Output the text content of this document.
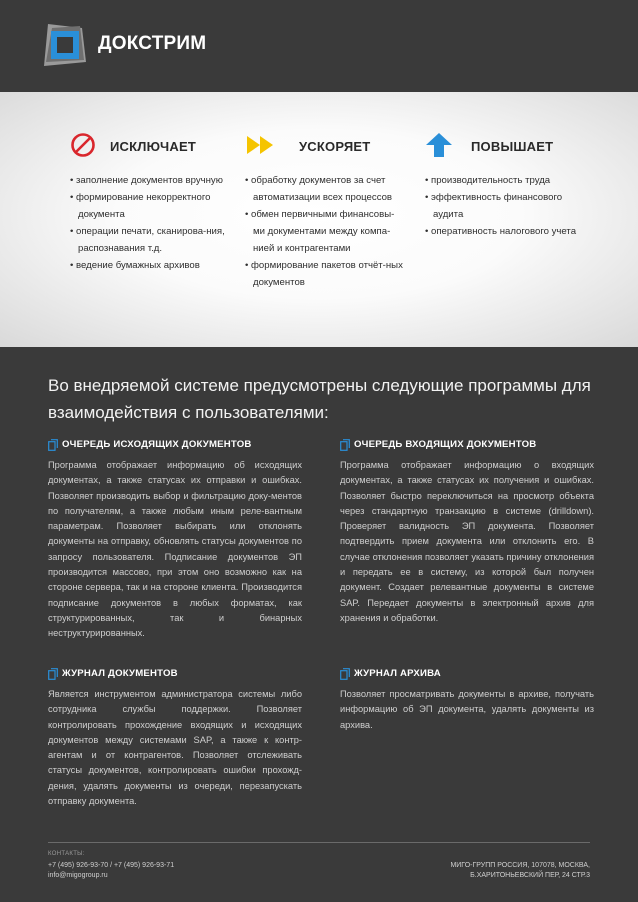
ДОКСТРИМ
ИСКЛЮЧАЕТ
• заполнение документов вручную
• формирование некорректного документа
• операции печати, сканирова-ния, распознавания т.д.
• ведение бумажных архивов
УСКОРЯЕТ
• обработку документов за счет автоматизации всех процессов
• обмен первичными финансовы-ми документами между компа-нией и контрагентами
• формирование пакетов отчёт-ных документов
ПОВЫШАЕТ
• производительность труда
• эффективность финансового аудита
• оперативность налогового учета
Во внедряемой системе предусмотрены следующие программы для взаимодействия с пользователями:
ОЧЕРЕДЬ ИСХОДЯЩИХ ДОКУМЕНТОВ
Программа отображает информацию об исходящих документах, а также статусах их отправки и ошибках. Позволяет производить выбор и фильтрацию доку-ментов по получателям, а также любым иным реле-вантным параметрам. Позволяет выбирать или отклонять документы на отправку, обновлять статусы документов по запросу пользователя. Подписание документов ЭП производится массово, при этом оно возможно как на стороне сервера, так и на стороне клиента. Производится подписание документов в любых форматах, как структурированных, так и бинарных неструктурированных.
ОЧЕРЕДЬ ВХОДЯЩИХ ДОКУМЕНТОВ
Программа отображает информацию о входящих документах, а также статусах их получения и ошибках. Позволяет быстро переключиться на просмотр объекта через стандартную транзакцию в системе (drilldown). Проверяет валидность ЭП документа. Позволяет подтвердить прием документа или отклонить его. В случае отклонения позволяет указать причину отклонения и передать ее в систему, из которой был получен документ. Создает релевантные документы в системе SAP. Передает документы в электронный архив для хранения и обработки.
ЖУРНАЛ ДОКУМЕНТОВ
Является инструментом администратора системы либо сотрудника службы поддержки. Позволяет контролировать прохождение входящих и исходящих документов между системами SAP, а также к контр-агентам и от контрагентов. Позволяет отслеживать статусы документов, контролировать ошибки прохожд-дения, удалять документы из очереди, перезапускать отправку документа.
ЖУРНАЛ АРХИВА
Позволяет просматривать документы в архиве, получать информацию об ЭП документа, удалять документы из архива.
КОНТАКТЫ:
+7 (495) 926-93-70 / +7 (495) 926-93-71
info@migogroup.ru
МИГО-ГРУПП РОССИЯ, 107078, МОСКВА,
Б.ХАРИТОНЬЕВСКИЙ ПЕР, 24 СТР.3
